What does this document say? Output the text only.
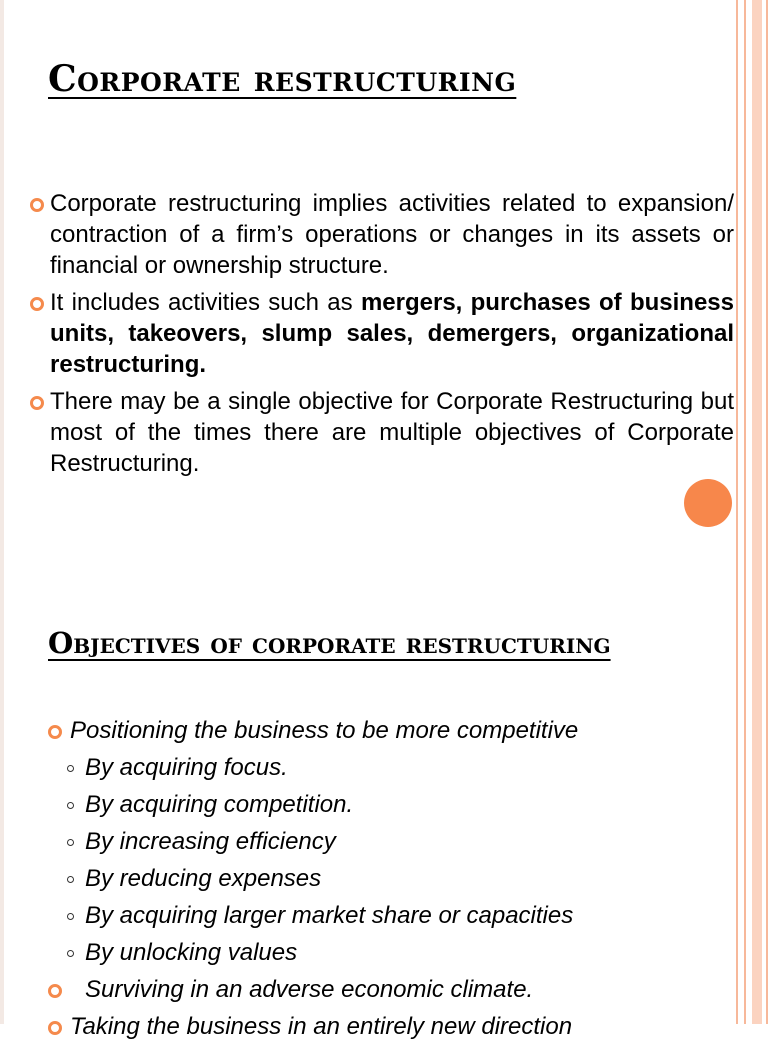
Corporate restructuring
Corporate restructuring implies activities related to expansion/ contraction of a firm’s operations or changes in its assets or financial or ownership structure.
It includes activities such as mergers, purchases of business units, takeovers, slump sales, demergers, organizational restructuring.
There may be a single objective for Corporate Restructuring but most of the times there are multiple objectives of Corporate Restructuring.
Objectives of corporate restructuring
Positioning the business to be more competitive
By acquiring focus.
By acquiring competition.
By increasing efficiency
By reducing expenses
By acquiring larger market share or capacities
By unlocking values
Surviving in an adverse economic climate.
Taking the business in an entirely new direction
